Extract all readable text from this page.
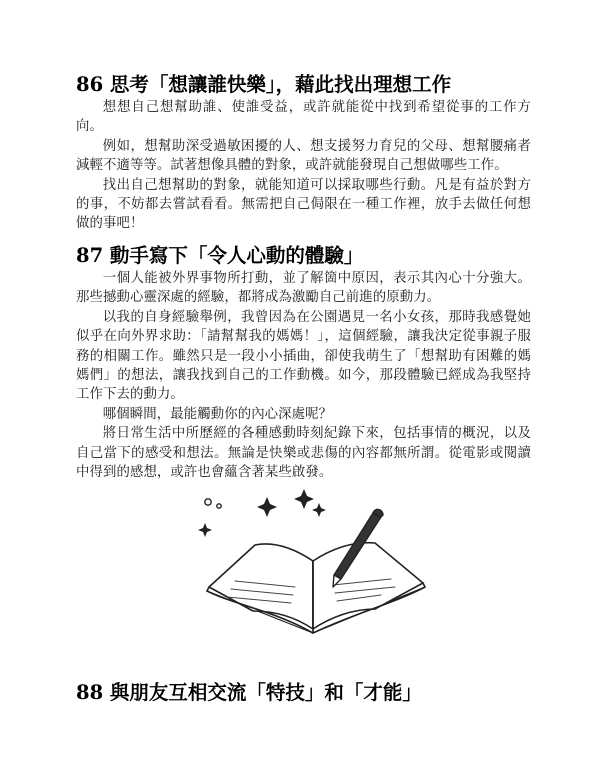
86 思考「想讓誰快樂」，藉此找出理想工作

想想自己想幫助誰、使誰受益，或許就能從中找到希望從事的工作方向。

例如，想幫助深受過敏困擾的人、想支援努力育兒的父母、想幫腰痛者減輕不適等等。試著想像具體的對象，或許就能發現自己想做哪些工作。

找出自己想幫助的對象，就能知道可以採取哪些行動。凡是有益於對方的事，不妨都去嘗試看看。無需把自己侷限在一種工作裡，放手去做任何想做的事吧！

87 動手寫下「令人心動的體驗」

一個人能被外界事物所打動，並了解箇中原因，表示其內心十分強大。那些撼動心靈深處的經驗，都將成為激勵自己前進的原動力。

以我的自身經驗舉例，我曾因為在公園遇見一名小女孩，那時我感覺她似乎在向外界求助：「請幫幫我的媽媽！」，這個經驗，讓我決定從事親子服務的相關工作。雖然只是一段小小插曲，卻使我萌生了「想幫助有困難的媽媽們」的想法，讓我找到自己的工作動機。如今，那段體驗已經成為我堅持工作下去的動力。

哪個瞬間，最能觸動你的內心深處呢？

將日常生活中所歷經的各種感動時刻紀錄下來，包括事情的概況，以及自己當下的感受和想法。無論是快樂或悲傷的內容都無所謂。從電影或閱讀中得到的感想，或許也會蘊含著某些啟發。

88 與朋友互相交流「特技」和「才能」
